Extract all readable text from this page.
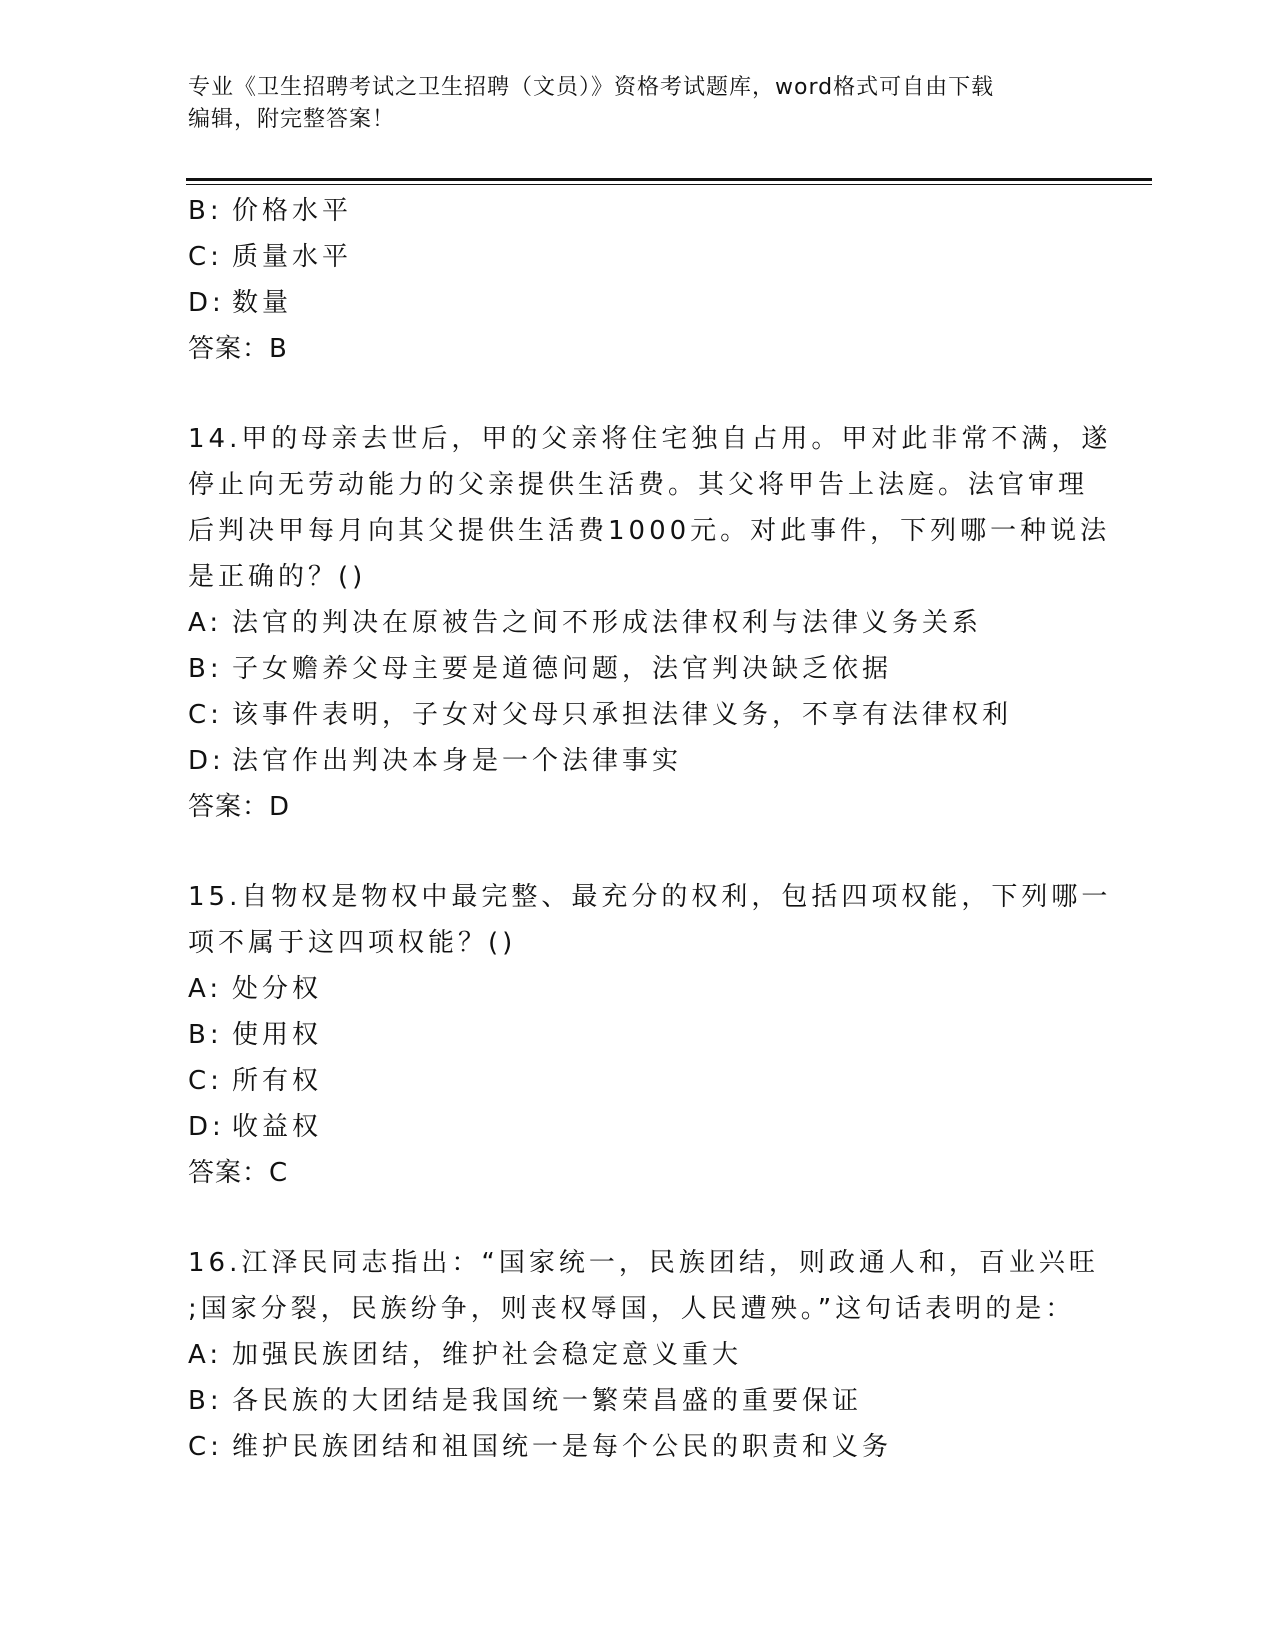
专业《卫生招聘考试之卫生招聘（文员）》资格考试题库，word格式可自由下载
编辑，附完整答案！
B: 价格水平
C: 质量水平
D: 数量
答案：B
14.甲的母亲去世后，甲的父亲将住宅独自占用。甲对此非常不满，遂
停止向无劳动能力的父亲提供生活费。其父将甲告上法庭。法官审理
后判决甲每月向其父提供生活费1000元。对此事件，下列哪一种说法
是正确的？()
A: 法官的判决在原被告之间不形成法律权利与法律义务关系
B: 子女赡养父母主要是道德问题，法官判决缺乏依据
C: 该事件表明，子女对父母只承担法律义务，不享有法律权利
D: 法官作出判决本身是一个法律事实
答案：D
15.自物权是物权中最完整、最充分的权利，包括四项权能，下列哪一
项不属于这四项权能？()
A: 处分权
B: 使用权
C: 所有权
D: 收益权
答案：C
16.江泽民同志指出：“国家统一，民族团结，则政通人和，百业兴旺
;国家分裂，民族纷争，则丧权辱国，人民遭殃。”这句话表明的是：
A: 加强民族团结，维护社会稳定意义重大
B: 各民族的大团结是我国统一繁荣昌盛的重要保证
C: 维护民族团结和祖国统一是每个公民的职责和义务
